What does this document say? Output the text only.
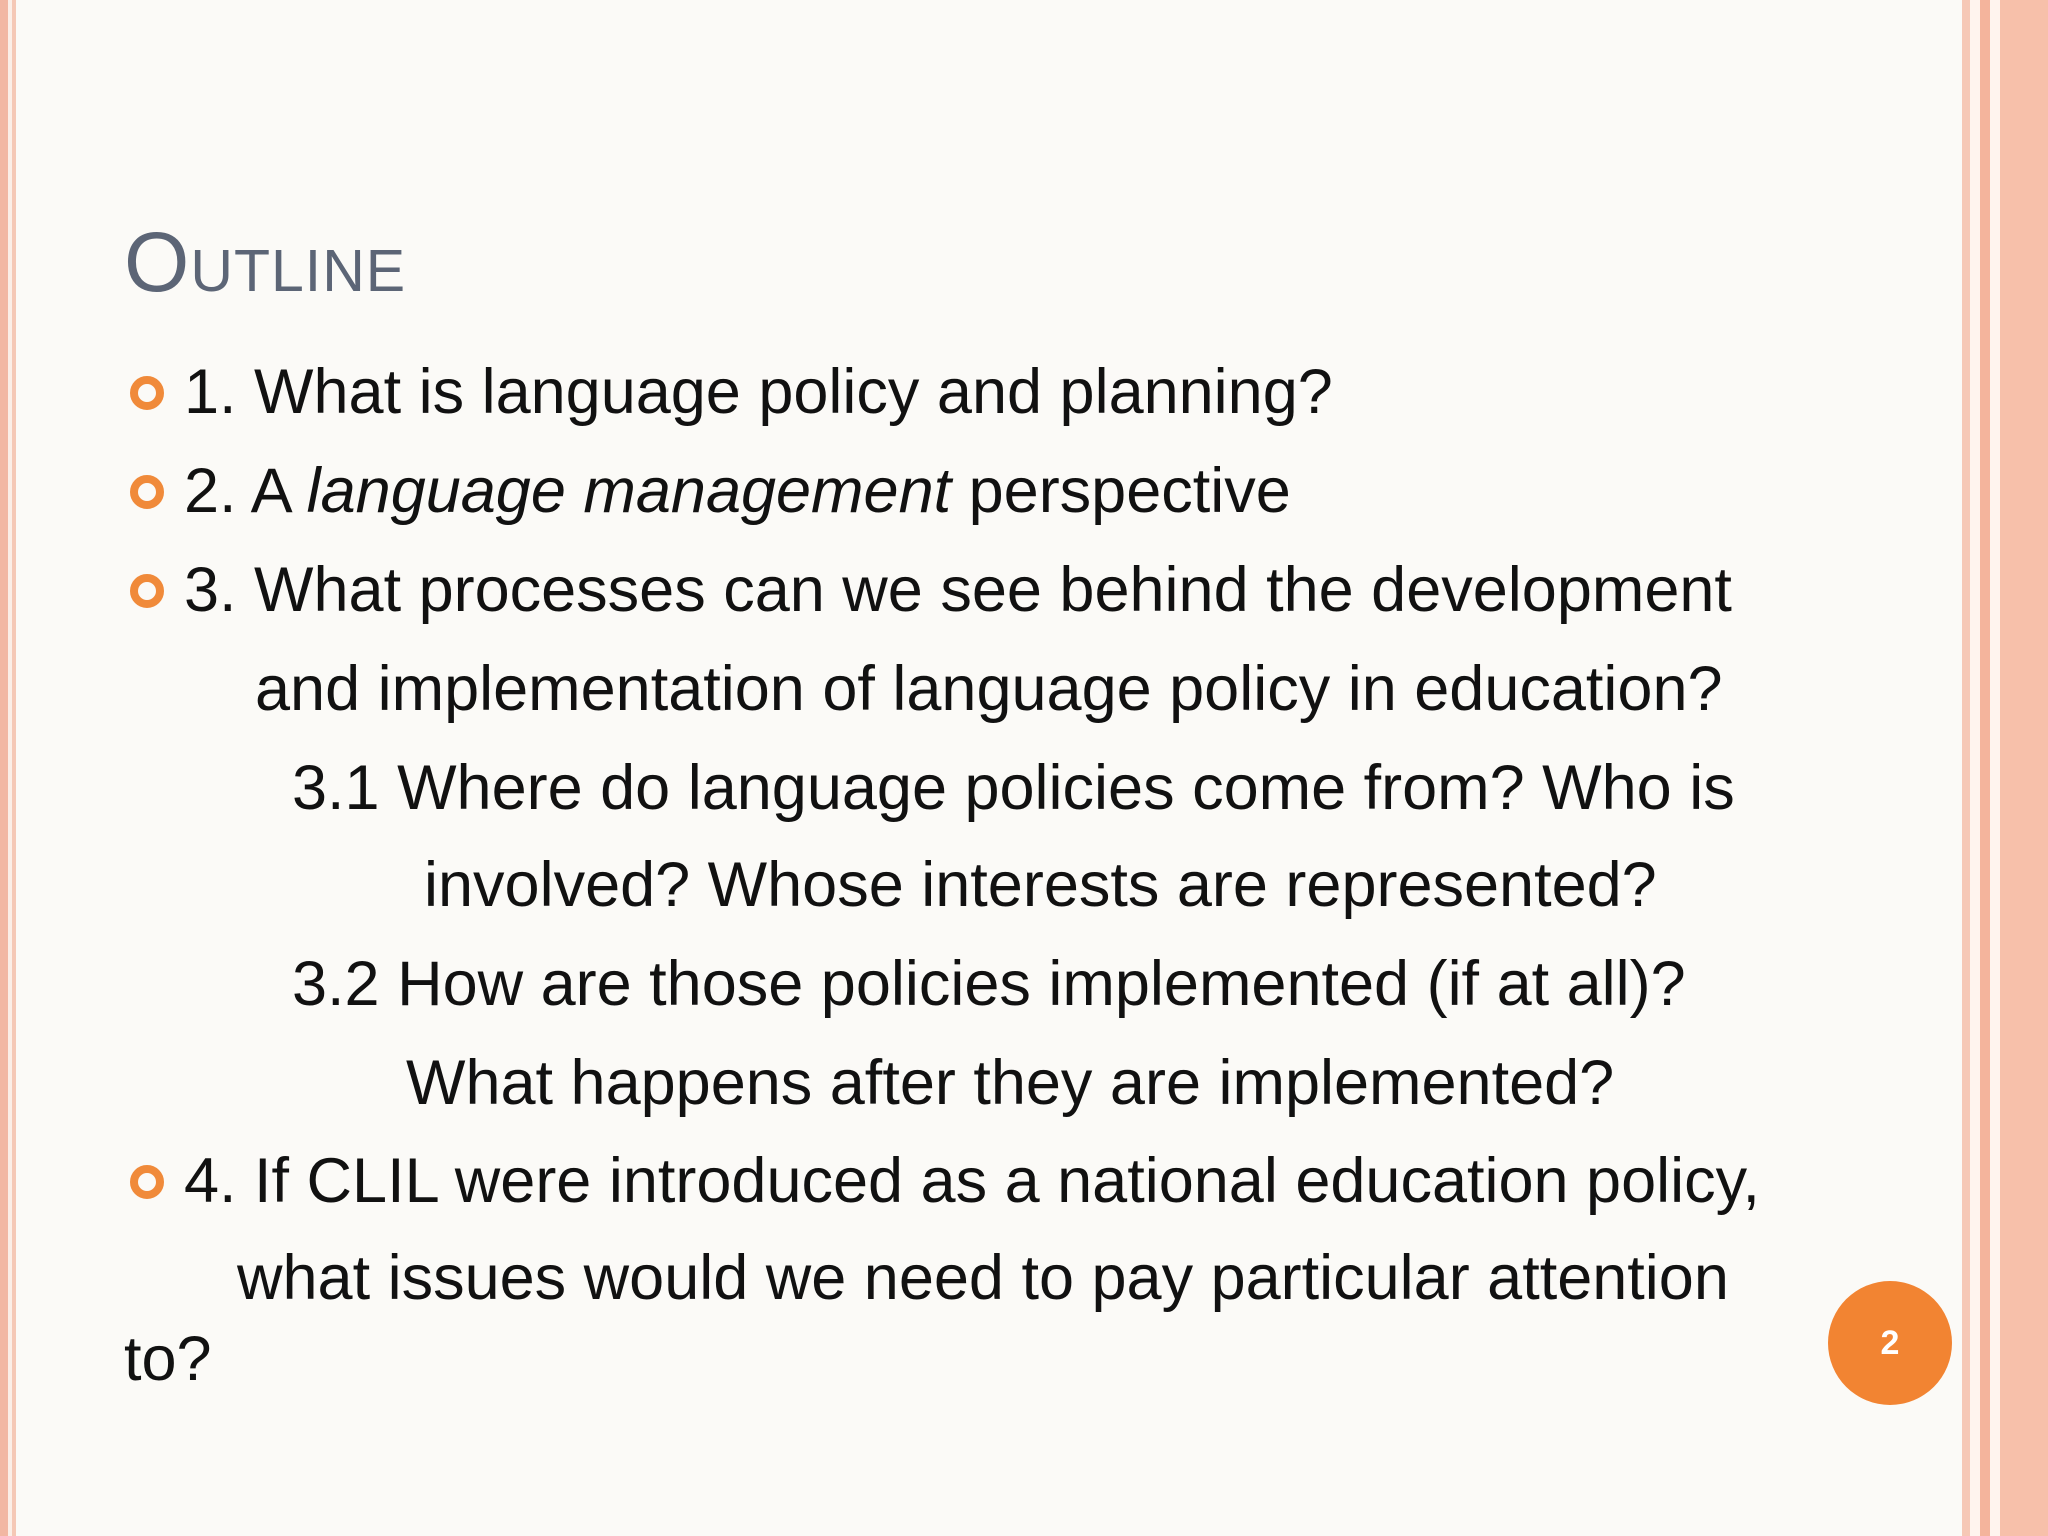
Outline
1. What is language policy and planning?
2. A language management perspective
3. What processes can we see behind the development
and implementation of language policy in education?
3.1 Where do language policies come from? Who is
involved? Whose interests are represented?
3.2 How are those policies implemented (if at all)?
What happens after they are implemented?
4. If CLIL were introduced as a national education policy,
what issues would we need to pay particular attention
to?	2
